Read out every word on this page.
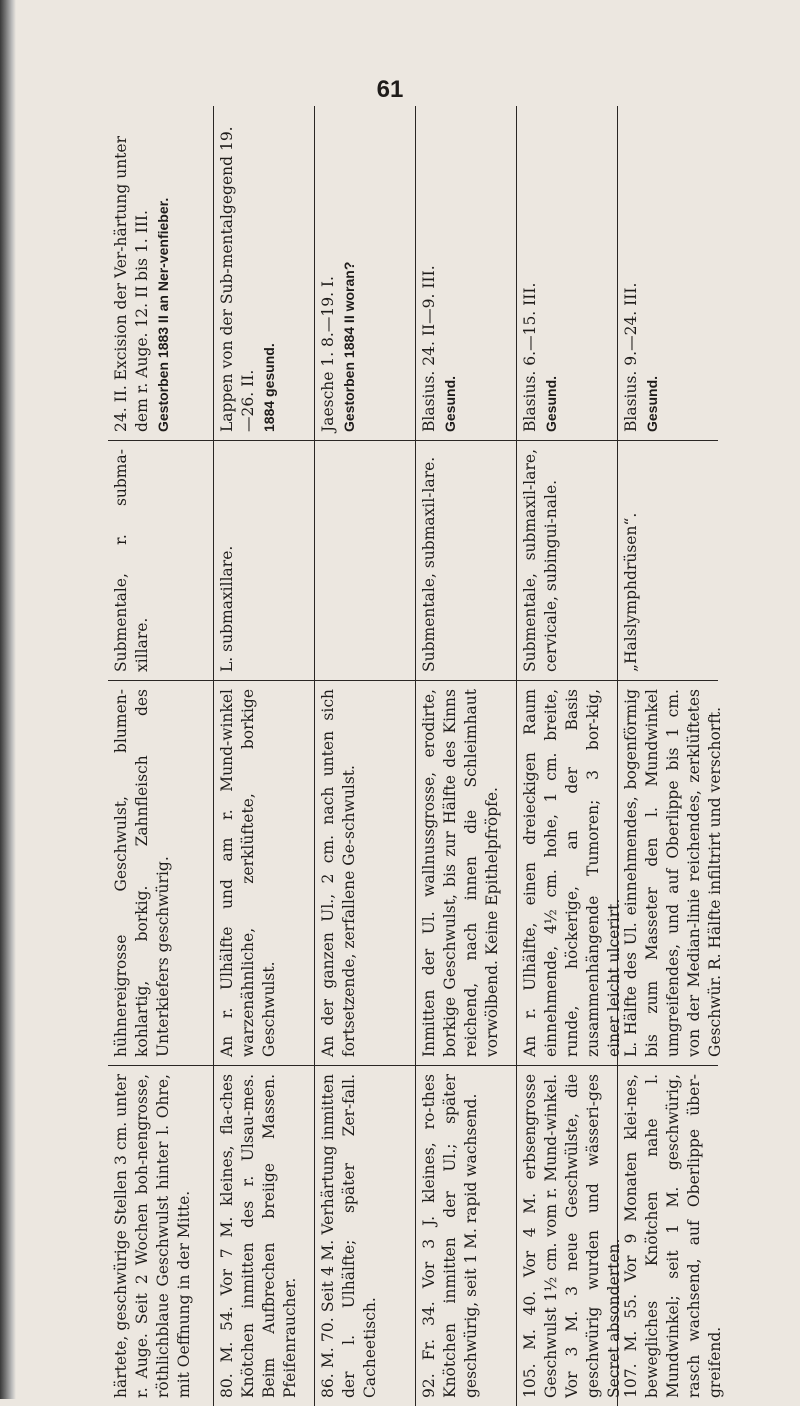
61
härtete, geschwürige Stellen 3 cm. unter r. Auge. Seit 2 Wochen boh-nengrosse, röthlichblaue Geschwulst hinter l. Ohre, mit Oeffnung in der Mitte.
hühnereigrosse Geschwulst, blumen-kohlartig, borkig. Zahnfleisch des Unterkiefers geschwürig.
Submentale, r. subma-xillare.
24. II. Excision der Ver-härtung unter dem r. Auge. 12. II bis 1. III. Gestorben 1883 II an Ner-venfieber.
80. M. 54. Vor 7 M. kleines, fla-ches Knötchen inmitten des r. Ulsau-mes. Beim Aufbrechen breiige Massen. Pfeifenraucher.
An r. Ulhälfte und am r. Mund-winkel warzenähnliche, zerklüftete, borkige Geschwulst.
L. submaxillare.
Lappen von der Sub-mentalgegend 19.—26. II. 1884 gesund.
86. M. 70. Seit 4 M. Verhärtung inmitten der l. Ulhälfte; später Zer-fall. Cacheetisch.
An der ganzen Ul., 2 cm. nach unten sich fortsetzende, zerfallene Ge-schwulst.
Jaesche 1. 8.—19. I. Gestorben 1884 II woran?
92. Fr. 34. Vor 3 J. kleines, ro-thes Knötchen inmitten der Ul.; später geschwürig, seit 1 M. rapid wachsend.
Inmitten der Ul. wallnussgrosse, erodirte, borkige Geschwulst, bis zur Hälfte des Kinns reichend, nach innen die Schleimhaut vorwölbend. Keine Epithelpfröpfe.
Submentale, submaxil-lare.
Blasius. 24. II—9. III. Gesund.
105. M. 40. Vor 4 M. erbsengrosse Geschwulst 1½ cm. vom r. Mund-winkel. Vor 3 M. 3 neue Geschwülste, die geschwürig wurden und wässeri-ges Secret absonderten.
An r. Ulhälfte, einen dreieckigen Raum einnehmende, 4½ cm. hohe, 1 cm. breite, runde, höckerige, an der Basis zusammenhängende Tumoren; 3 bor-kig, einer leicht ulcerirt.
Submentale, submaxil-lare, cervicale, subingui-nale.
Blasius. 6.—15. III. Gesund.
107. M. 55. Vor 9 Monaten klei-nes, bewegliches Knötchen nahe l. Mundwinkel; seit 1 M. geschwürig, rasch wachsend, auf Oberlippe über-greifend.
L. Hälfte des Ul. einnehmendes, bogenförmig bis zum Masseter den l. Mundwinkel umgreifendes, und auf Oberlippe bis 1 cm. von der Median-linie reichendes, zerklüftetes Geschwür. R. Hälfte infiltrirt und verschorft.
„Halslymphdrüsen“.
Blasius. 9.—24. III. Gesund.
